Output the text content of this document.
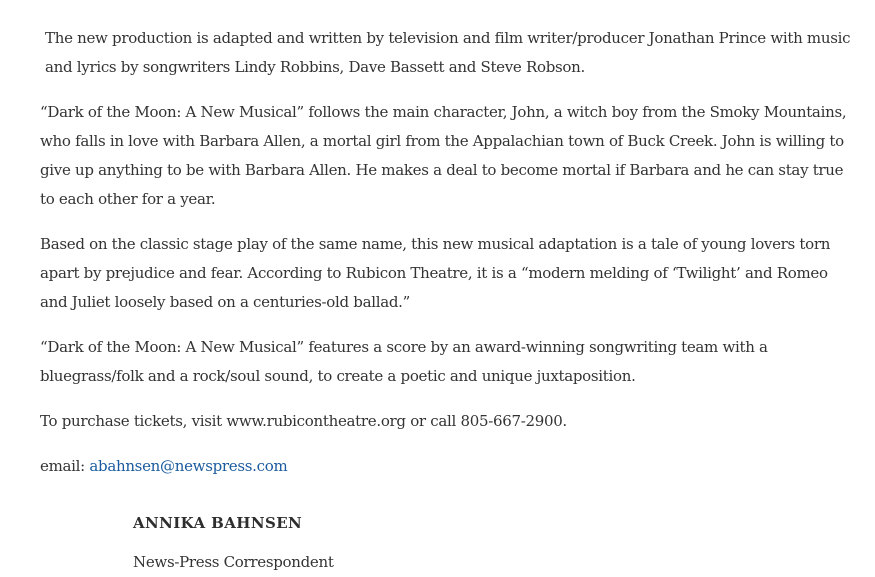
The new production is adapted and written by television and film writer/producer Jonathan Prince with music and lyrics by songwriters Lindy Robbins, Dave Bassett and Steve Robson.

“Dark of the Moon: A New Musical” follows the main character, John, a witch boy from the Smoky Mountains, who falls in love with Barbara Allen, a mortal girl from the Appalachian town of Buck Creek. John is willing to give up anything to be with Barbara Allen. He makes a deal to become mortal if Barbara and he can stay true to each other for a year.

Based on the classic stage play of the same name, this new musical adaptation is a tale of young lovers torn apart by prejudice and fear. According to Rubicon Theatre, it is a “modern melding of ‘Twilight’ and Romeo and Juliet loosely based on a centuries-old ballad.”

“Dark of the Moon: A New Musical” features a score by an award-winning songwriting team with a bluegrass/folk and a rock/soul sound, to create a poetic and unique juxtaposition.

To purchase tickets, visit www.rubicontheatre.org or call 805-667-2900.

email: abahnsen@newspress.com

ANNIKA BAHNSEN

News-Press Correspondent
